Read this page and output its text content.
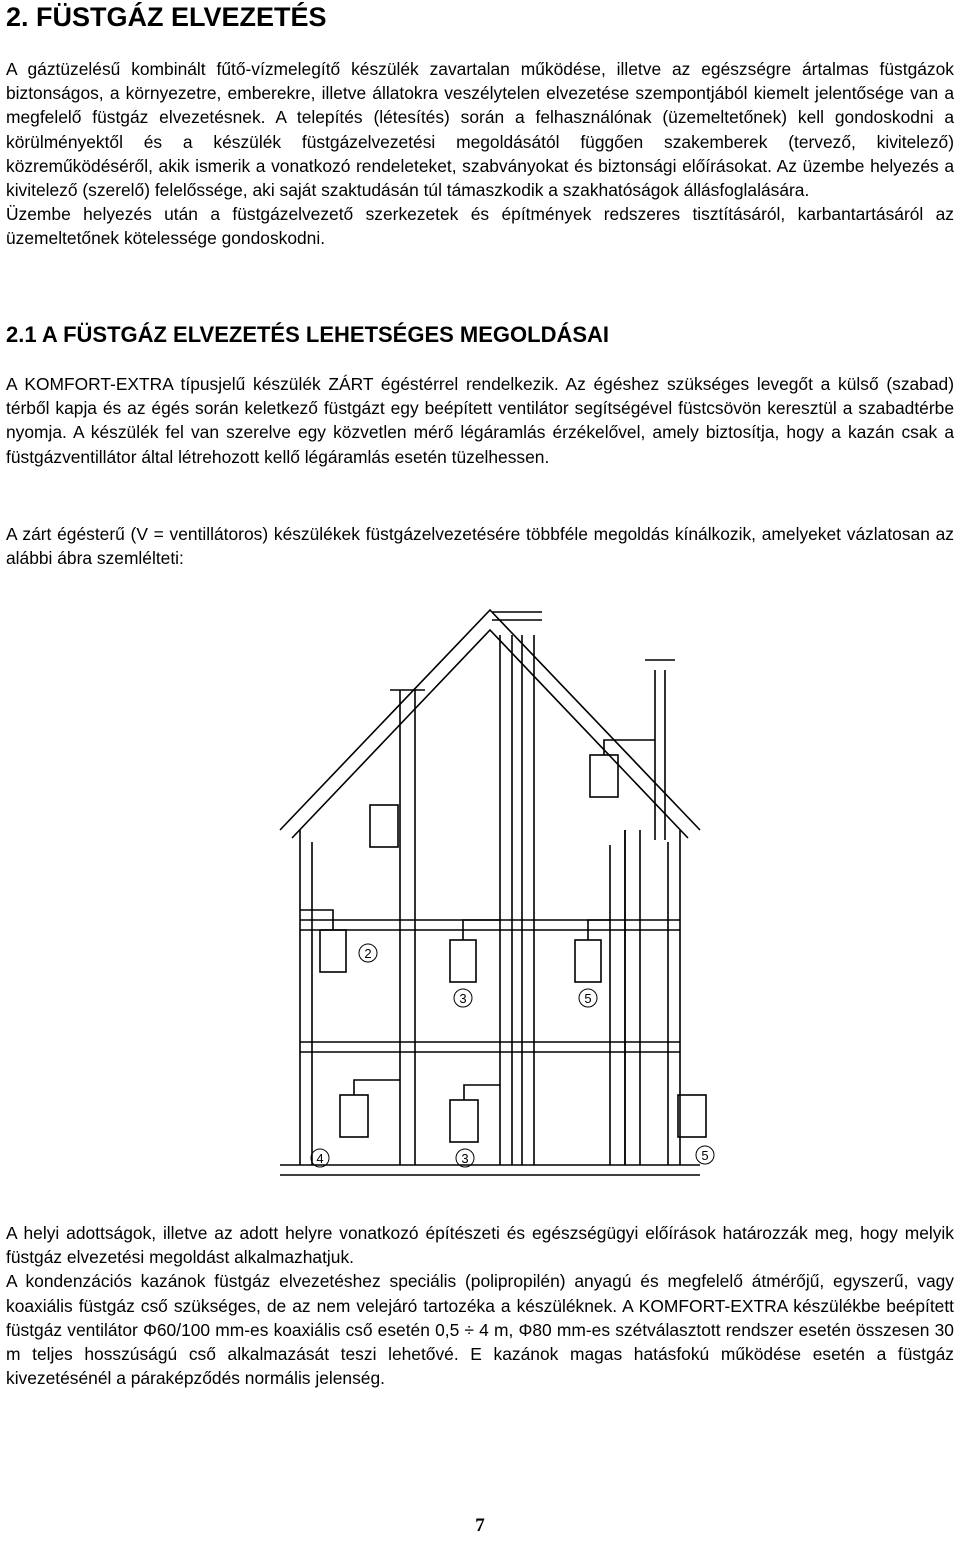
2. FÜSTGÁZ ELVEZETÉS

A gáztüzelésű kombinált fűtő-vízmelegítő készülék zavartalan működése, illetve az egészségre ártalmas füstgázok biztonságos, a környezetre, emberekre, illetve állatokra veszélytelen elvezetése szempontjából kiemelt jelentősége van a megfelelő füstgáz elvezetésnek. A telepítés (létesítés) során a felhasználónak (üzemeltetőnek) kell gondoskodni a körülményektől és a készülék füstgázelvezetési megoldásától függően szakemberek (tervező, kivitelező) közreműködéséről, akik ismerik a vonatkozó rendeleteket, szabványokat és biztonsági előírásokat. Az üzembe helyezés a kivitelező (szerelő) felelőssége, aki saját szaktudásán túl támaszkodik a szakhatóságok állásfoglalására.
Üzembe helyezés után a füstgázelvezető szerkezetek és építmények redszeres tisztításáról, karbantartásáról az üzemeltetőnek kötelessége gondoskodni.

2.1 A FÜSTGÁZ ELVEZETÉS LEHETSÉGES MEGOLDÁSAI

A KOMFORT-EXTRA típusjelű készülék ZÁRT égéstérrel rendelkezik. Az égéshez szükséges levegőt a külső (szabad) térből kapja és az égés során keletkező füstgázt egy beépített ventilátor segítségével füstcsövön keresztül a szabadtérbe nyomja. A készülék fel van szerelve egy közvetlen mérő légáramlás érzékelővel, amely biztosítja, hogy a kazán csak a füstgázventillátor által létrehozott kellő légáramlás esetén tüzelhessen.

A zárt égésterű (V = ventillátoros) készülékek füstgázelvezetésére többféle megoldás kínálkozik, amelyeket vázlatosan az alábbi ábra szemlélteti:

2
3	5
4	3	5

A helyi adottságok, illetve az adott helyre vonatkozó építészeti és egészségügyi előírások határozzák meg, hogy melyik füstgáz elvezetési megoldást alkalmazhatjuk.
A kondenzációs kazánok füstgáz elvezetéshez speciális (polipropilén) anyagú és megfelelő átmérőjű, egyszerű, vagy koaxiális füstgáz cső szükséges, de az nem velejáró tartozéka a készüléknek. A KOMFORT-EXTRA készülékbe beépített füstgáz ventilátor Φ60/100 mm-es koaxiális cső esetén 0,5 ÷ 4 m, Φ80 mm-es szétválasztott rendszer esetén összesen 30 m teljes hosszúságú cső alkalmazását teszi lehetővé. E kazánok magas hatásfokú működése esetén a füstgáz kivezetésénél a páraképződés normális jelenség.

7
